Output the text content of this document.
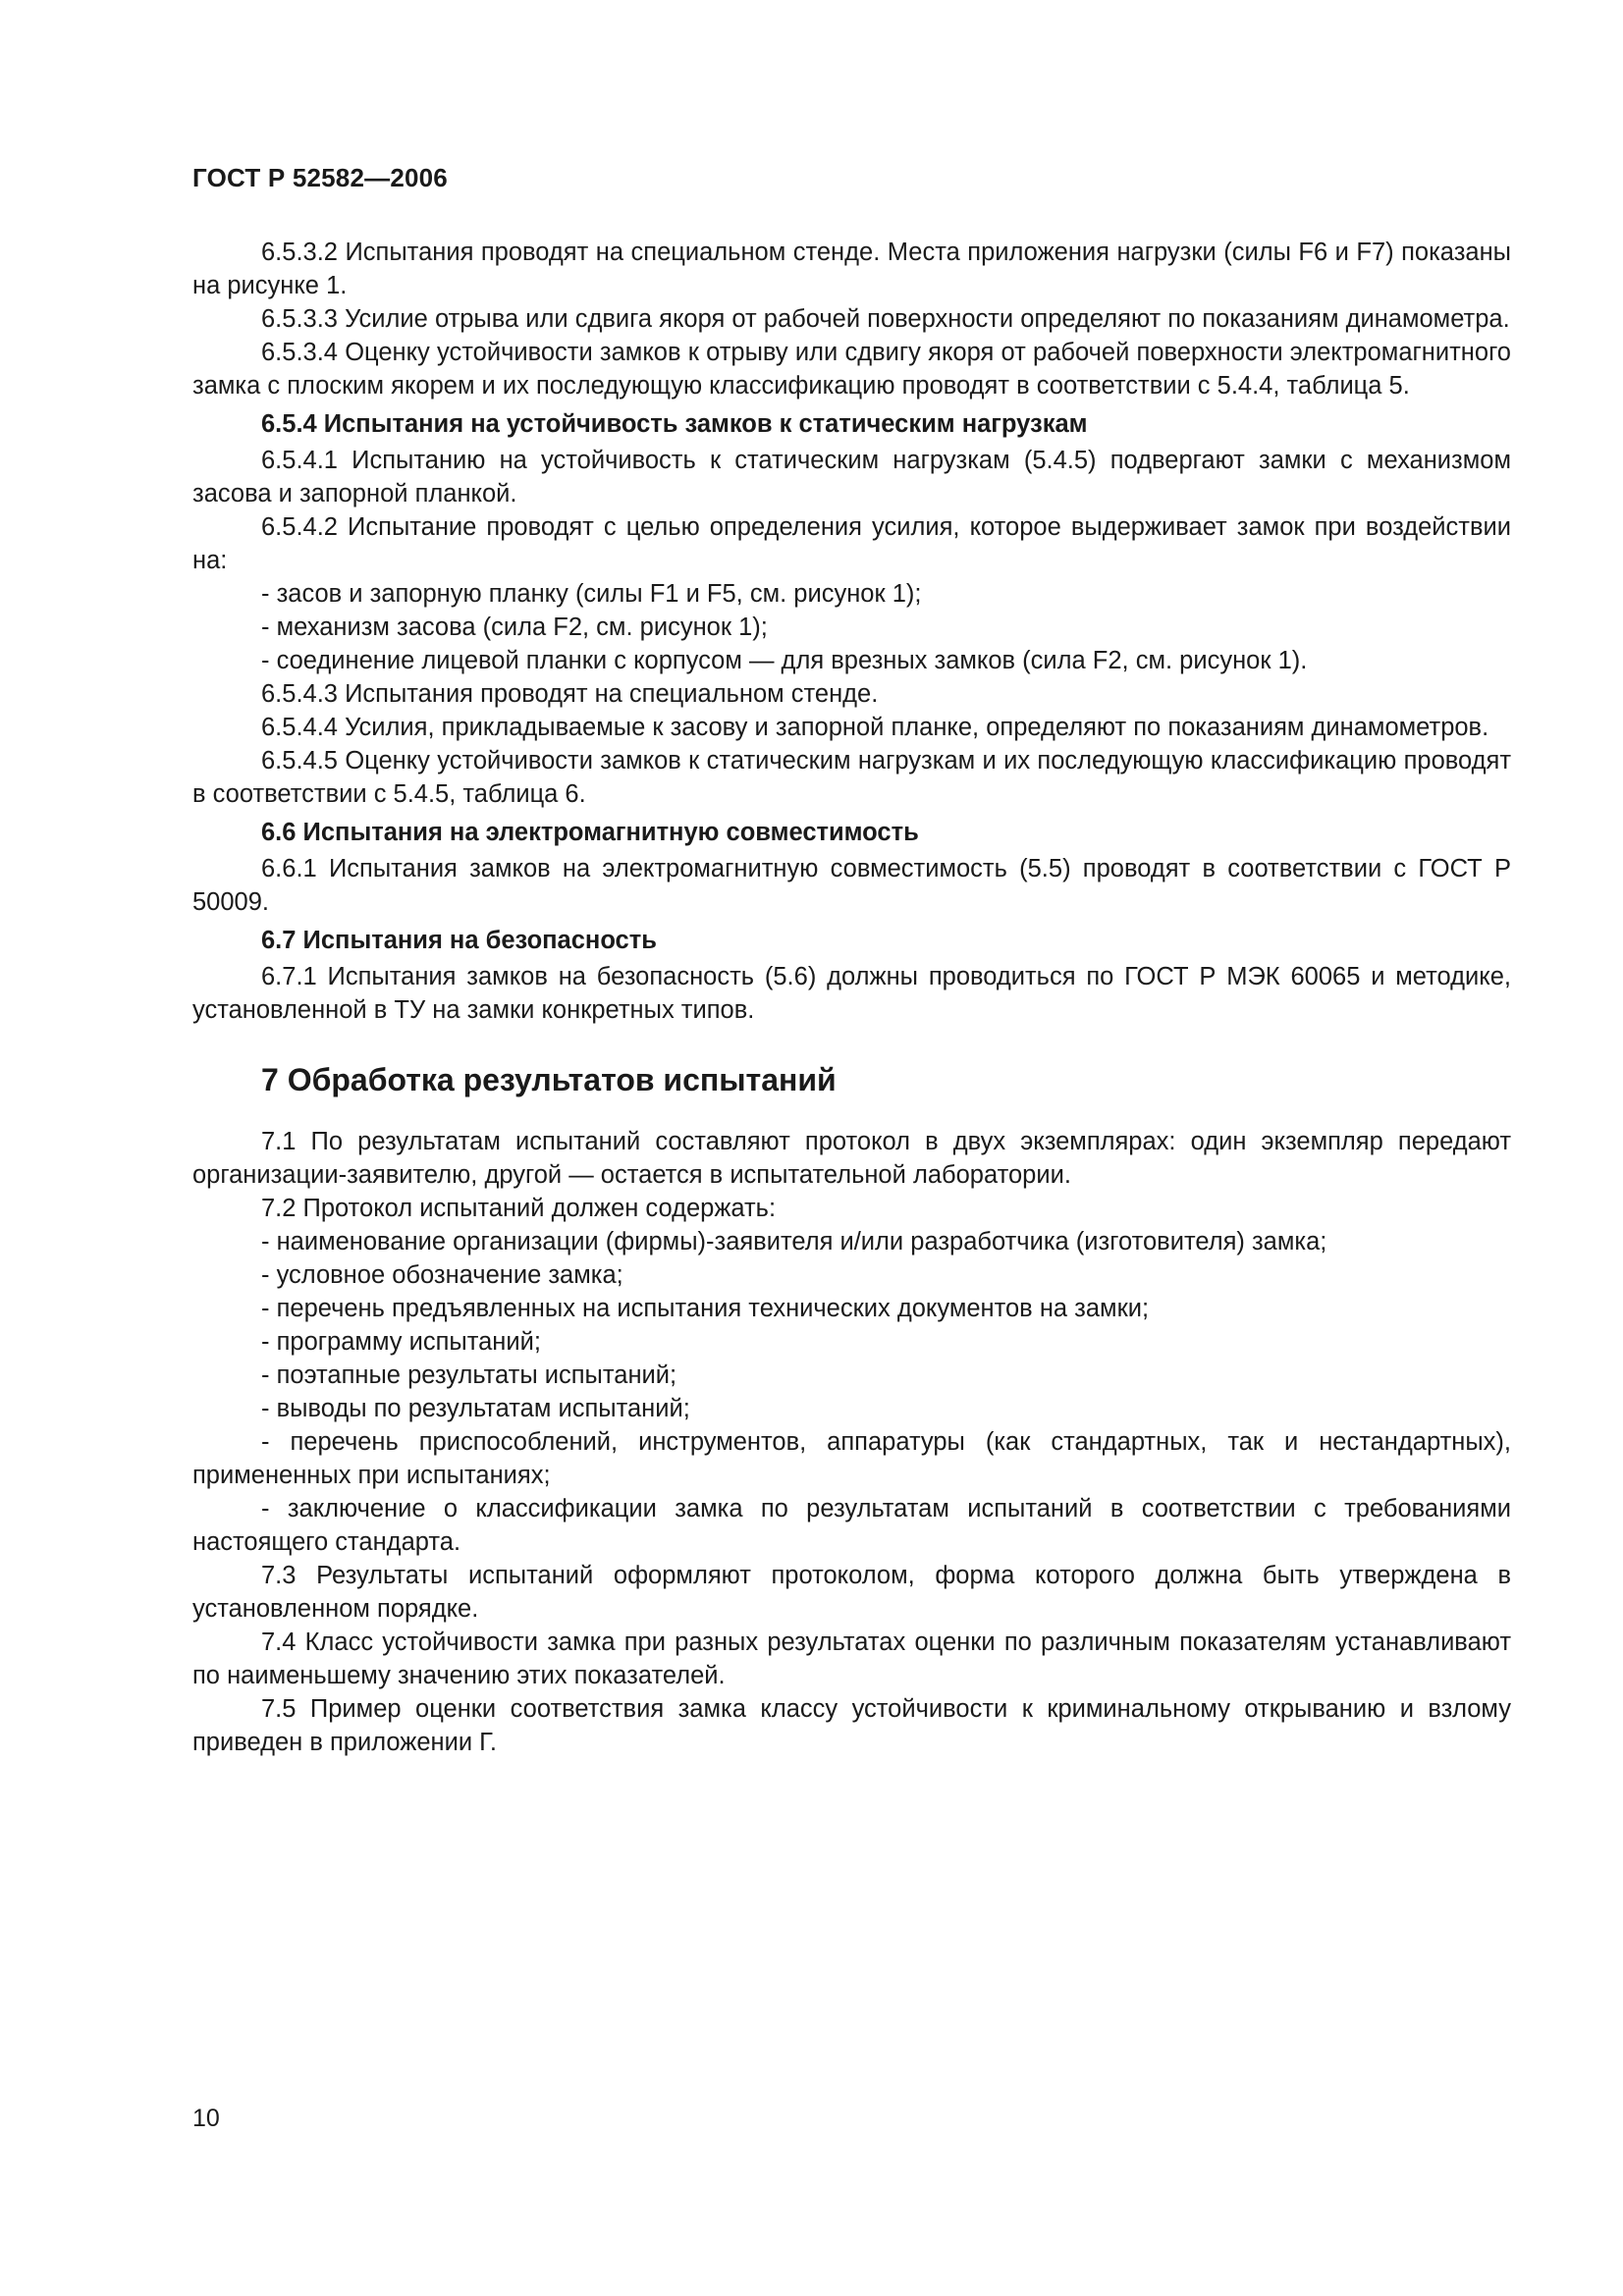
ГОСТ Р 52582—2006

6.5.3.2 Испытания проводят на специальном стенде. Места приложения нагрузки (силы F6 и F7) показаны на рисунке 1.

6.5.3.3 Усилие отрыва или сдвига якоря от рабочей поверхности определяют по показаниям динамометра.

6.5.3.4 Оценку устойчивости замков к отрыву или сдвигу якоря от рабочей поверхности электромагнитного замка с плоским якорем и их последующую классификацию проводят в соответствии с 5.4.4, таблица 5.

6.5.4 Испытания на устойчивость замков к статическим нагрузкам

6.5.4.1 Испытанию на устойчивость к статическим нагрузкам (5.4.5) подвергают замки с механизмом засова и запорной планкой.

6.5.4.2 Испытание проводят с целью определения усилия, которое выдерживает замок при воздействии на:

- засов и запорную планку (силы F1 и F5, см. рисунок 1);
- механизм засова (сила F2, см. рисунок 1);
- соединение лицевой планки с корпусом — для врезных замков (сила F2, см. рисунок 1).

6.5.4.3 Испытания проводят на специальном стенде.

6.5.4.4 Усилия, прикладываемые к засову и запорной планке, определяют по показаниям динамометров.

6.5.4.5 Оценку устойчивости замков к статическим нагрузкам и их последующую классификацию проводят в соответствии с 5.4.5, таблица 6.

6.6 Испытания на электромагнитную совместимость

6.6.1 Испытания замков на электромагнитную совместимость (5.5) проводят в соответствии с ГОСТ Р 50009.

6.7 Испытания на безопасность

6.7.1 Испытания замков на безопасность (5.6) должны проводиться по ГОСТ Р МЭК 60065 и методике, установленной в ТУ на замки конкретных типов.

7 Обработка результатов испытаний

7.1 По результатам испытаний составляют протокол в двух экземплярах: один экземпляр передают организации-заявителю, другой — остается в испытательной лаборатории.

7.2 Протокол испытаний должен содержать:

- наименование организации (фирмы)-заявителя и/или разработчика (изготовителя) замка;
- условное обозначение замка;
- перечень предъявленных на испытания технических документов на замки;
- программу испытаний;
- поэтапные результаты испытаний;
- выводы по результатам испытаний;

- перечень приспособлений, инструментов, аппаратуры (как стандартных, так и нестандартных), примененных при испытаниях;

- заключение о классификации замка по результатам испытаний в соответствии с требованиями настоящего стандарта.

7.3 Результаты испытаний оформляют протоколом, форма которого должна быть утверждена в установленном порядке.

7.4 Класс устойчивости замка при разных результатах оценки по различным показателям устанавливают по наименьшему значению этих показателей.

7.5 Пример оценки соответствия замка классу устойчивости к криминальному открыванию и взлому приведен в приложении Г.

10
